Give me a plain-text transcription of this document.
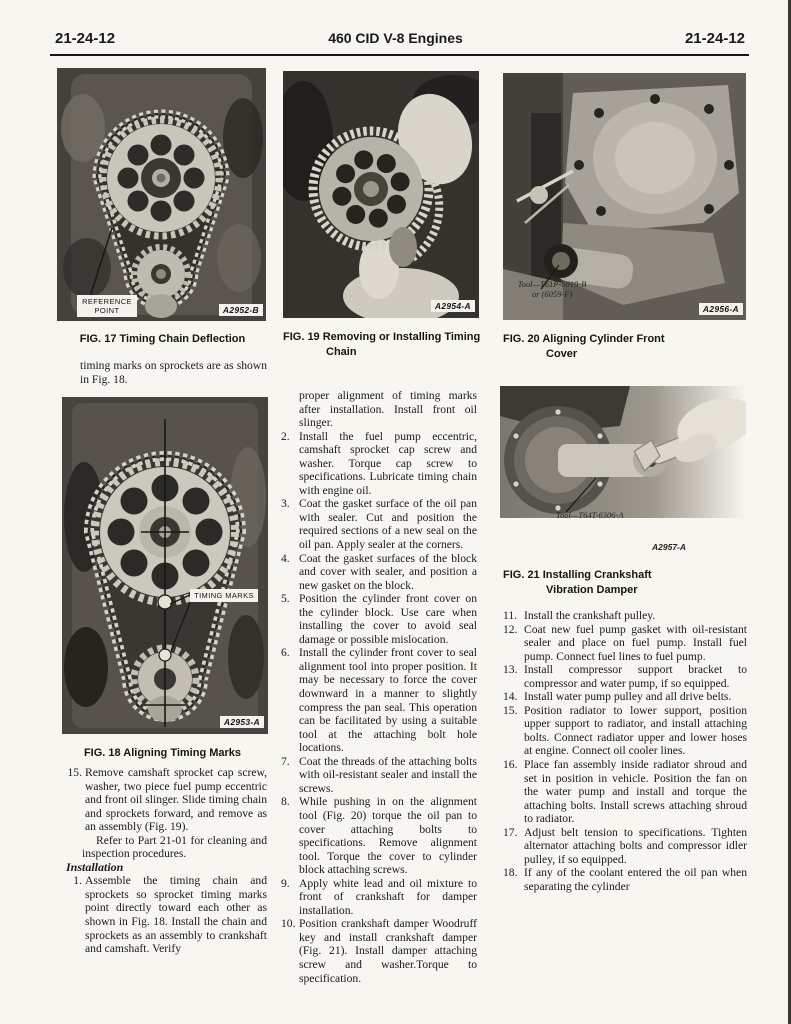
21-24-12	460 CID V-8 Engines	21-24-12
REFERENCE POINT	A2952-B
FIG. 17 Timing Chain Deflection
A2954-A
FIG. 19 Removing or Installing Timing
Chain
Tool—T61P-6019-B
or (6059-F)
A2956-A
FIG. 20 Aligning Cylinder Front
Cover
timing marks on sprockets are as shown in Fig. 18.
TIMING MARKS
A2953-A
FIG. 18 Aligning Timing Marks
15. Remove camshaft sprocket cap screw, washer, two piece fuel pump eccentric and front oil slinger. Slide timing chain and sprockets forward, and remove as an assembly (Fig. 19).
Refer to Part 21-01 for cleaning and inspection procedures.
Installation
1. Assemble the timing chain and sprockets so sprocket timing marks point directly toward each other as shown in Fig. 18. Install the chain and sprockets as an assembly to crankshaft and camshaft. Verify
proper alignment of timing marks after installation. Install front oil slinger.
2. Install the fuel pump eccentric, camshaft sprocket cap screw and washer. Torque cap screw to specifications. Lubricate timing chain with engine oil.
3. Coat the gasket surface of the oil pan with sealer. Cut and position the required sections of a new seal on the oil pan. Apply sealer at the corners.
4. Coat the gasket surfaces of the block and cover with sealer, and position a new gasket on the block.
5. Position the cylinder front cover on the cylinder block. Use care when installing the cover to avoid seal damage or possible mislocation.
6. Install the cylinder front cover to seal alignment tool into proper position. It may be necessary to force the cover downward in a manner to slightly compress the pan seal. This operation can be facilitated by using a suitable tool at the attaching bolt hole locations.
7. Coat the threads of the attaching bolts with oil-resistant sealer and install the screws.
8. While pushing in on the alignment tool (Fig. 20) torque the oil pan to cover attaching bolts to specifications. Remove alignment tool. Torque the cover to cylinder block attaching screws.
9. Apply white lead and oil mixture to front of crankshaft for damper installation.
10. Position crankshaft damper Woodruff key and install crankshaft damper (Fig. 21). Install damper attaching screw and washer.Torque to specification.
Tool—T64T-6306-A
A2957-A
FIG. 21 Installing Crankshaft
Vibration Damper
11. Install the crankshaft pulley.
12. Coat new fuel pump gasket with oil-resistant sealer and place on fuel pump. Install fuel pump. Connect fuel lines to fuel pump.
13. Install compressor support bracket to compressor and water pump, if so equipped.
14. Install water pump pulley and all drive belts.
15. Position radiator to lower support, position upper support to radiator, and install attaching bolts. Connect radiator upper and lower hoses at engine. Connect oil cooler lines.
16. Place fan assembly inside radiator shroud and set in position in vehicle. Position the fan on the water pump and install and torque the attaching bolts. Install screws attaching shroud to radiator.
17. Adjust belt tension to specifications. Tighten alternator attaching bolts and compressor idler pulley, if so equipped.
18. If any of the coolant entered the oil pan when separating the cylinder
